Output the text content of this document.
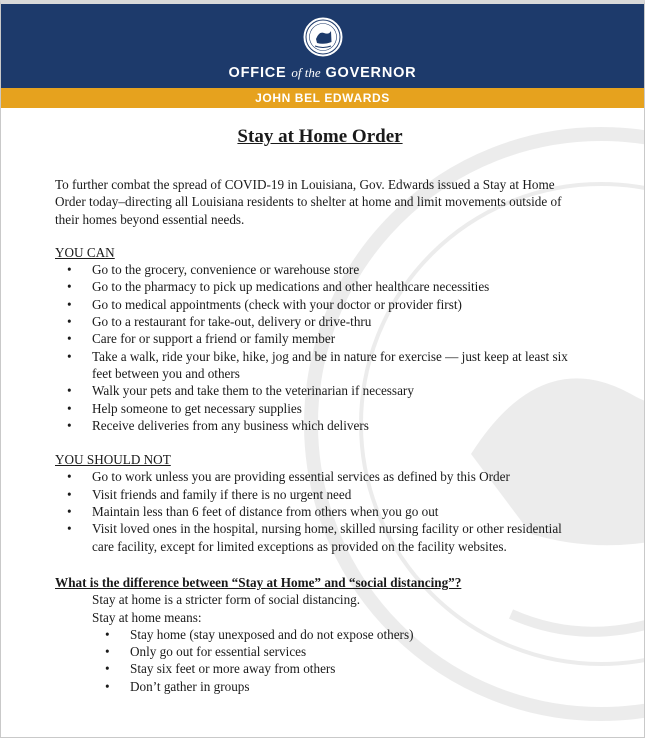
OFFICE of the GOVERNOR
JOHN BEL EDWARDS
Stay at Home Order

To further combat the spread of COVID-19 in Louisiana, Gov. Edwards issued a Stay at Home Order today–directing all Louisiana residents to shelter at home and limit movements outside of their homes beyond essential needs.

YOU CAN
• Go to the grocery, convenience or warehouse store
• Go to the pharmacy to pick up medications and other healthcare necessities
• Go to medical appointments (check with your doctor or provider first)
• Go to a restaurant for take-out, delivery or drive-thru
• Care for or support a friend or family member
• Take a walk, ride your bike, hike, jog and be in nature for exercise — just keep at least six feet between you and others
• Walk your pets and take them to the veterinarian if necessary
• Help someone to get necessary supplies
• Receive deliveries from any business which delivers
YOU SHOULD NOT
• Go to work unless you are providing essential services as defined by this Order
• Visit friends and family if there is no urgent need
• Maintain less than 6 feet of distance from others when you go out
• Visit loved ones in the hospital, nursing home, skilled nursing facility or other residential care facility, except for limited exceptions as provided on the facility websites.
What is the difference between “Stay at Home” and “social distancing”?
Stay at home is a stricter form of social distancing.
Stay at home means:
• Stay home (stay unexposed and do not expose others)
• Only go out for essential services
• Stay six feet or more away from others
• Don’t gather in groups
